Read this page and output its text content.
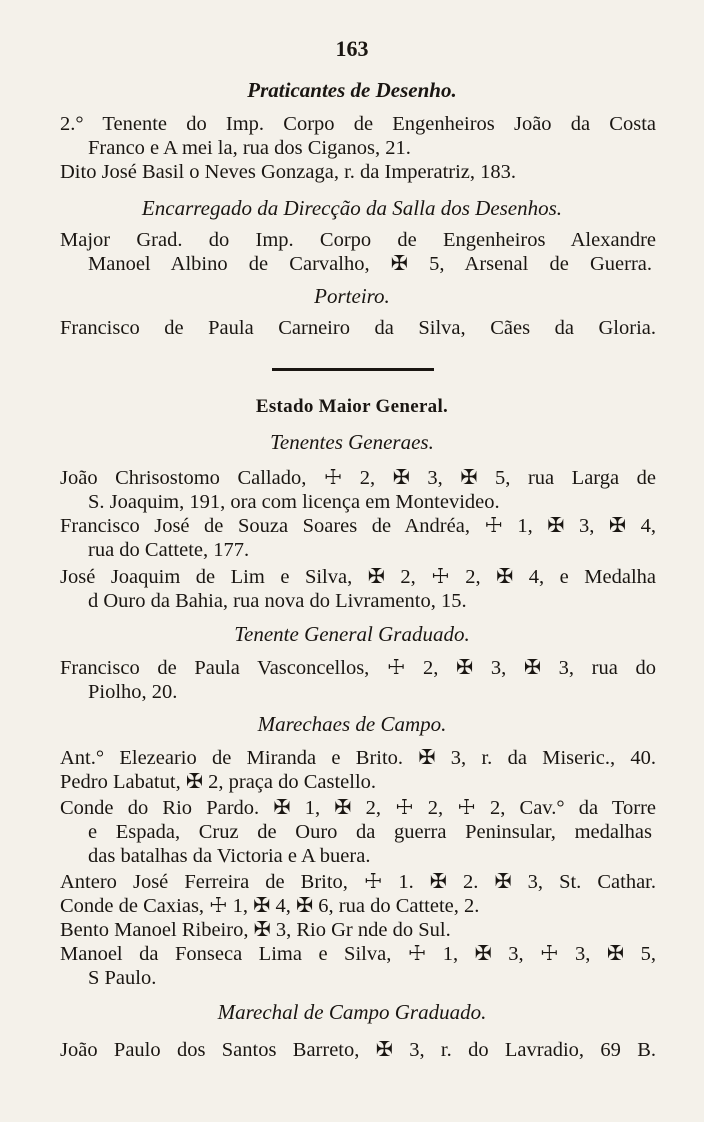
163
Praticantes de Desenho.
2.° Tenente do Imp. Corpo de Engenheiros João da Costa
Franco e A mei la, rua dos Ciganos, 21.
Dito José Basil o Neves Gonzaga, r. da Imperatriz, 183.
Encarregado da Direcção da Salla dos Desenhos.
Major Grad. do Imp. Corpo de Engenheiros Alexandre
Manoel Albino de Carvalho, ✠ 5, Arsenal de Guerra.
Porteiro.
Francisco de Paula Carneiro da Silva, Cães da Gloria.
Estado Maior General.
Tenentes Generaes.
João Chrisostomo Callado, ☩ 2, ✠ 3, ✠ 5, rua Larga de
S. Joaquim, 191, ora com licença em Montevideo.
Francisco José de Souza Soares de Andréa, ☩ 1, ✠ 3, ✠ 4,
rua do Cattete, 177.
José Joaquim de Lim e Silva, ✠ 2, ☩ 2, ✠ 4, e Medalha
d Ouro da Bahia, rua nova do Livramento, 15.
Tenente General Graduado.
Francisco de Paula Vasconcellos, ☩ 2, ✠ 3, ✠ 3, rua do
Piolho, 20.
Marechaes de Campo.
Ant.° Elezeario de Miranda e Brito. ✠ 3, r. da Miseric., 40.
Pedro Labatut, ✠ 2, praça do Castello.
Conde do Rio Pardo. ✠ 1, ✠ 2, ☩ 2, ☩ 2, Cav.° da Torre
e Espada, Cruz de Ouro da guerra Peninsular, medalhas
das batalhas da Victoria e A buera.
Antero José Ferreira de Brito, ☩ 1. ✠ 2. ✠ 3, St. Cathar.
Conde de Caxias, ☩ 1, ✠ 4, ✠ 6, rua do Cattete, 2.
Bento Manoel Ribeiro, ✠ 3, Rio Gr nde do Sul.
Manoel da Fonseca Lima e Silva, ☩ 1, ✠ 3, ☩ 3, ✠ 5,
S Paulo.
Marechal de Campo Graduado.
João Paulo dos Santos Barreto, ✠ 3, r. do Lavradio, 69 B.
